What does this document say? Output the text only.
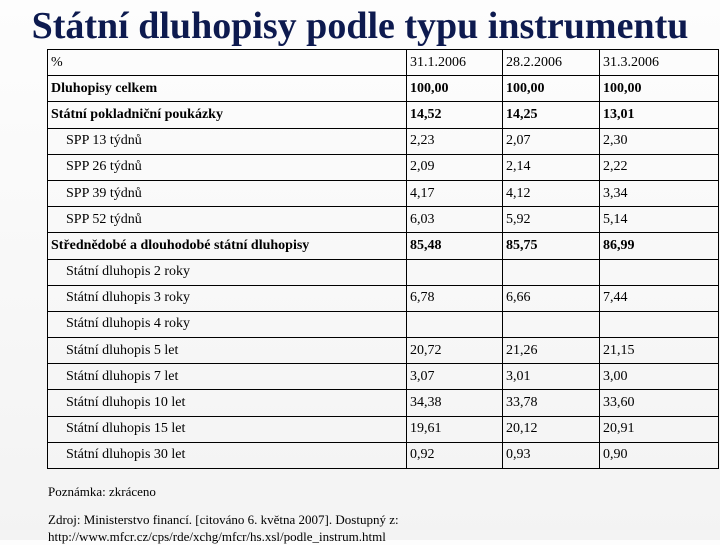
Státní dluhopisy podle typu instrumentu
%	31.1.2006	28.2.2006	31.3.2006
Dluhopisy celkem	100,00	100,00	100,00
Státní pokladniční poukázky	14,52	14,25	13,01
SPP 13 týdnů	2,23	2,07	2,30
SPP 26 týdnů	2,09	2,14	2,22
SPP 39 týdnů	4,17	4,12	3,34
SPP 52 týdnů	6,03	5,92	5,14
Střednědobé a dlouhodobé státní dluhopisy	85,48	85,75	86,99
Státní dluhopis 2 roky			
Státní dluhopis 3 roky	6,78	6,66	7,44
Státní dluhopis 4 roky			
Státní dluhopis 5 let	20,72	21,26	21,15
Státní dluhopis 7 let	3,07	3,01	3,00
Státní dluhopis 10 let	34,38	33,78	33,60
Státní dluhopis 15 let	19,61	20,12	20,91
Státní dluhopis 30 let	0,92	0,93	0,90
Poznámka: zkráceno
Zdroj: Ministerstvo financí. [citováno 6. května 2007]. Dostupný z:
http://www.mfcr.cz/cps/rde/xchg/mfcr/hs.xsl/podle_instrum.html
